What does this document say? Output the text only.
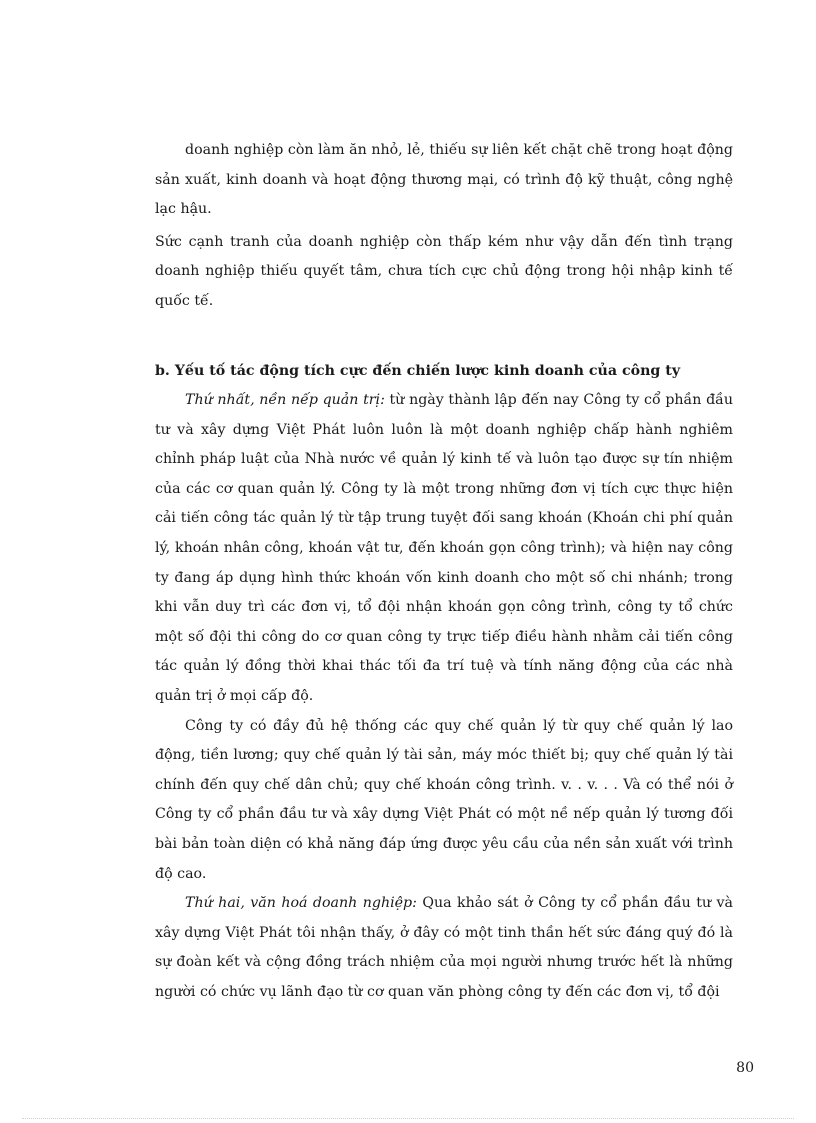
doanh nghiệp còn làm ăn nhỏ, lẻ, thiếu sự liên kết chặt chẽ trong hoạt động sản xuất, kinh doanh và hoạt động thương mại, có trình độ kỹ thuật, công nghệ lạc hậu.

Sức cạnh tranh của doanh nghiệp còn thấp kém như vậy dẫn đến tình trạng doanh nghiệp thiếu quyết tâm, chưa tích cực chủ động trong hội nhập kinh tế quốc tế.

b. Yếu tố tác động tích cực đến chiến lược kinh doanh của công ty

Thứ nhất, nền nếp quản trị: từ ngày thành lập đến nay Công ty cổ phần đầu tư và xây dựng Việt Phát luôn luôn là một doanh nghiệp chấp hành nghiêm chỉnh pháp luật của Nhà nước về quản lý kinh tế và luôn tạo được sự tín nhiệm của các cơ quan quản lý. Công ty là một trong những đơn vị tích cực thực hiện cải tiến công tác quản lý từ tập trung tuyệt đối sang khoán (Khoán chi phí quản lý, khoán nhân công, khoán vật tư, đến khoán gọn công trình); và hiện nay công ty đang áp dụng hình thức khoán vốn kinh doanh cho một số chi nhánh; trong khi vẫn duy trì các đơn vị, tổ đội nhận khoán gọn công trình, công ty tổ chức một số đội thi công do cơ quan công ty trực tiếp điều hành nhằm cải tiến công tác quản lý đồng thời khai thác tối đa trí tuệ và tính năng động của các nhà quản trị ở mọi cấp độ.

Công ty có đầy đủ hệ thống các quy chế quản lý từ quy chế quản lý lao động, tiền lương; quy chế quản lý tài sản, máy móc thiết bị; quy chế quản lý tài chính đến quy chế dân chủ; quy chế khoán công trình. v. . v. . . Và có thể nói ở Công ty cổ phần đầu tư và xây dựng Việt Phát có một nề nếp quản lý tương đối bài bản toàn diện có khả năng đáp ứng được yêu cầu của nền sản xuất với trình độ cao.

Thứ hai, văn hoá doanh nghiệp: Qua khảo sát ở Công ty cổ phần đầu tư và xây dựng Việt Phát tôi nhận thấy, ở đây có một tinh thần hết sức đáng quý đó là sự đoàn kết và cộng đồng trách nhiệm của mọi người nhưng trước hết là những người có chức vụ lãnh đạo từ cơ quan văn phòng công ty đến các đơn vị, tổ đội

80
